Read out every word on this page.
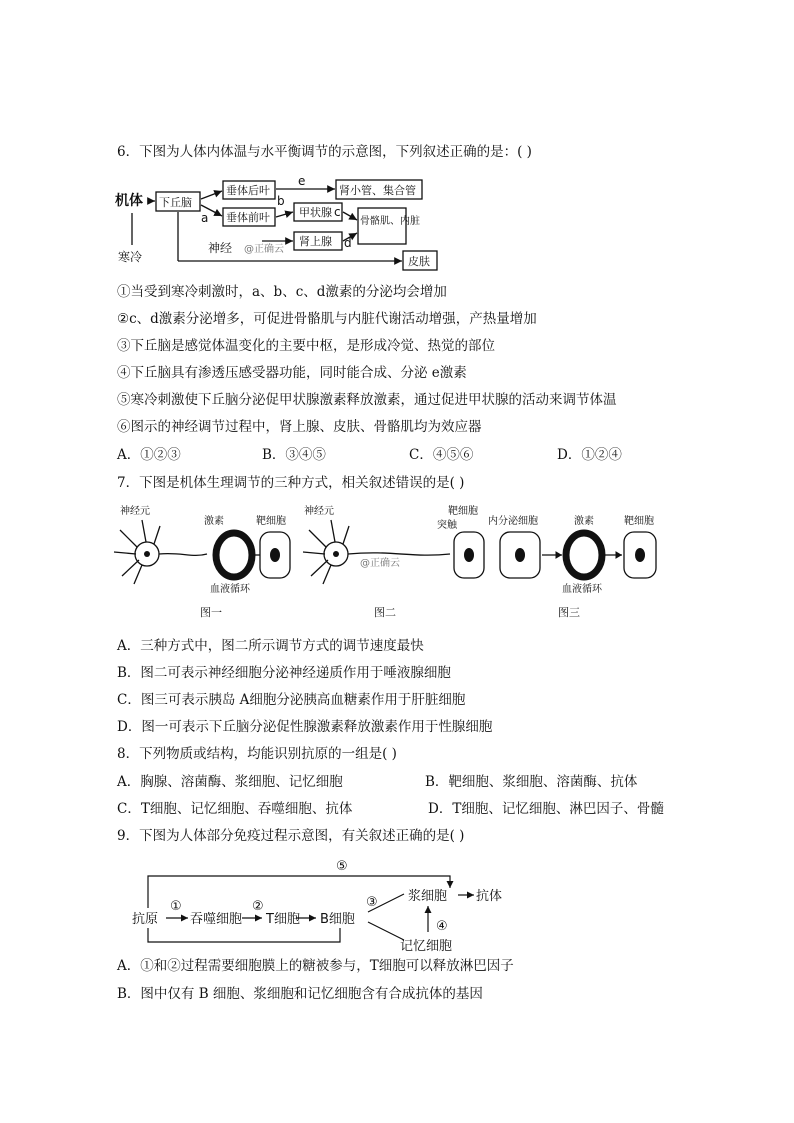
6．下图为人体内体温与水平衡调节的示意图，下列叙述正确的是：( )
机体
寒冷
神经 @正确云
a
b
c
d
e
下丘脑
垂体后叶
垂体前叶
肾小管、集合管
甲状腺
肾上腺
骨骼肌、内脏
皮肤
①当受到寒冷刺激时，a、b、c、d激素的分泌均会增加
②c、d激素分泌增多，可促进骨骼肌与内脏代谢活动增强，产热量增加
③下丘脑是感觉体温变化的主要中枢，是形成冷觉、热觉的部位
④下丘脑具有渗透压感受器功能，同时能合成、分泌 e激素
⑤寒冷刺激使下丘脑分泌促甲状腺激素释放激素，通过促进甲状腺的活动来调节体温
⑥图示的神经调节过程中，肾上腺、皮肤、骨骼肌均为效应器
A．①②③	B．③④⑤	C．④⑤⑥	D．①②④
7．下图是机体生理调节的三种方式，相关叙述错误的是( )
神经元
激素	靶细胞
血液循环
图一
神经元
突触
靶细胞
@正确云
图二
内分泌细胞	激素	靶细胞
血液循环
图三
A．三种方式中，图二所示调节方式的调节速度最快
B．图二可表示神经细胞分泌神经递质作用于唾液腺细胞
C．图三可表示胰岛 A细胞分泌胰高血糖素作用于肝脏细胞
D．图一可表示下丘脑分泌促性腺激素释放激素作用于性腺细胞
8．下列物质或结构，均能识别抗原的一组是( )
A．胸腺、溶菌酶、浆细胞、记忆细胞	B．靶细胞、浆细胞、溶菌酶、抗体
C．T细胞、记忆细胞、吞噬细胞、抗体	D．T细胞、记忆细胞、淋巴因子、骨髓
9．下图为人体部分免疫过程示意图，有关叙述正确的是( )
⑤
①	②	③
④
抗原 吞噬细胞 T细胞 B细胞
浆细胞 抗体
记忆细胞
A．①和②过程需要细胞膜上的糖被参与，T细胞可以释放淋巴因子
B．图中仅有 B 细胞、浆细胞和记忆细胞含有合成抗体的基因
